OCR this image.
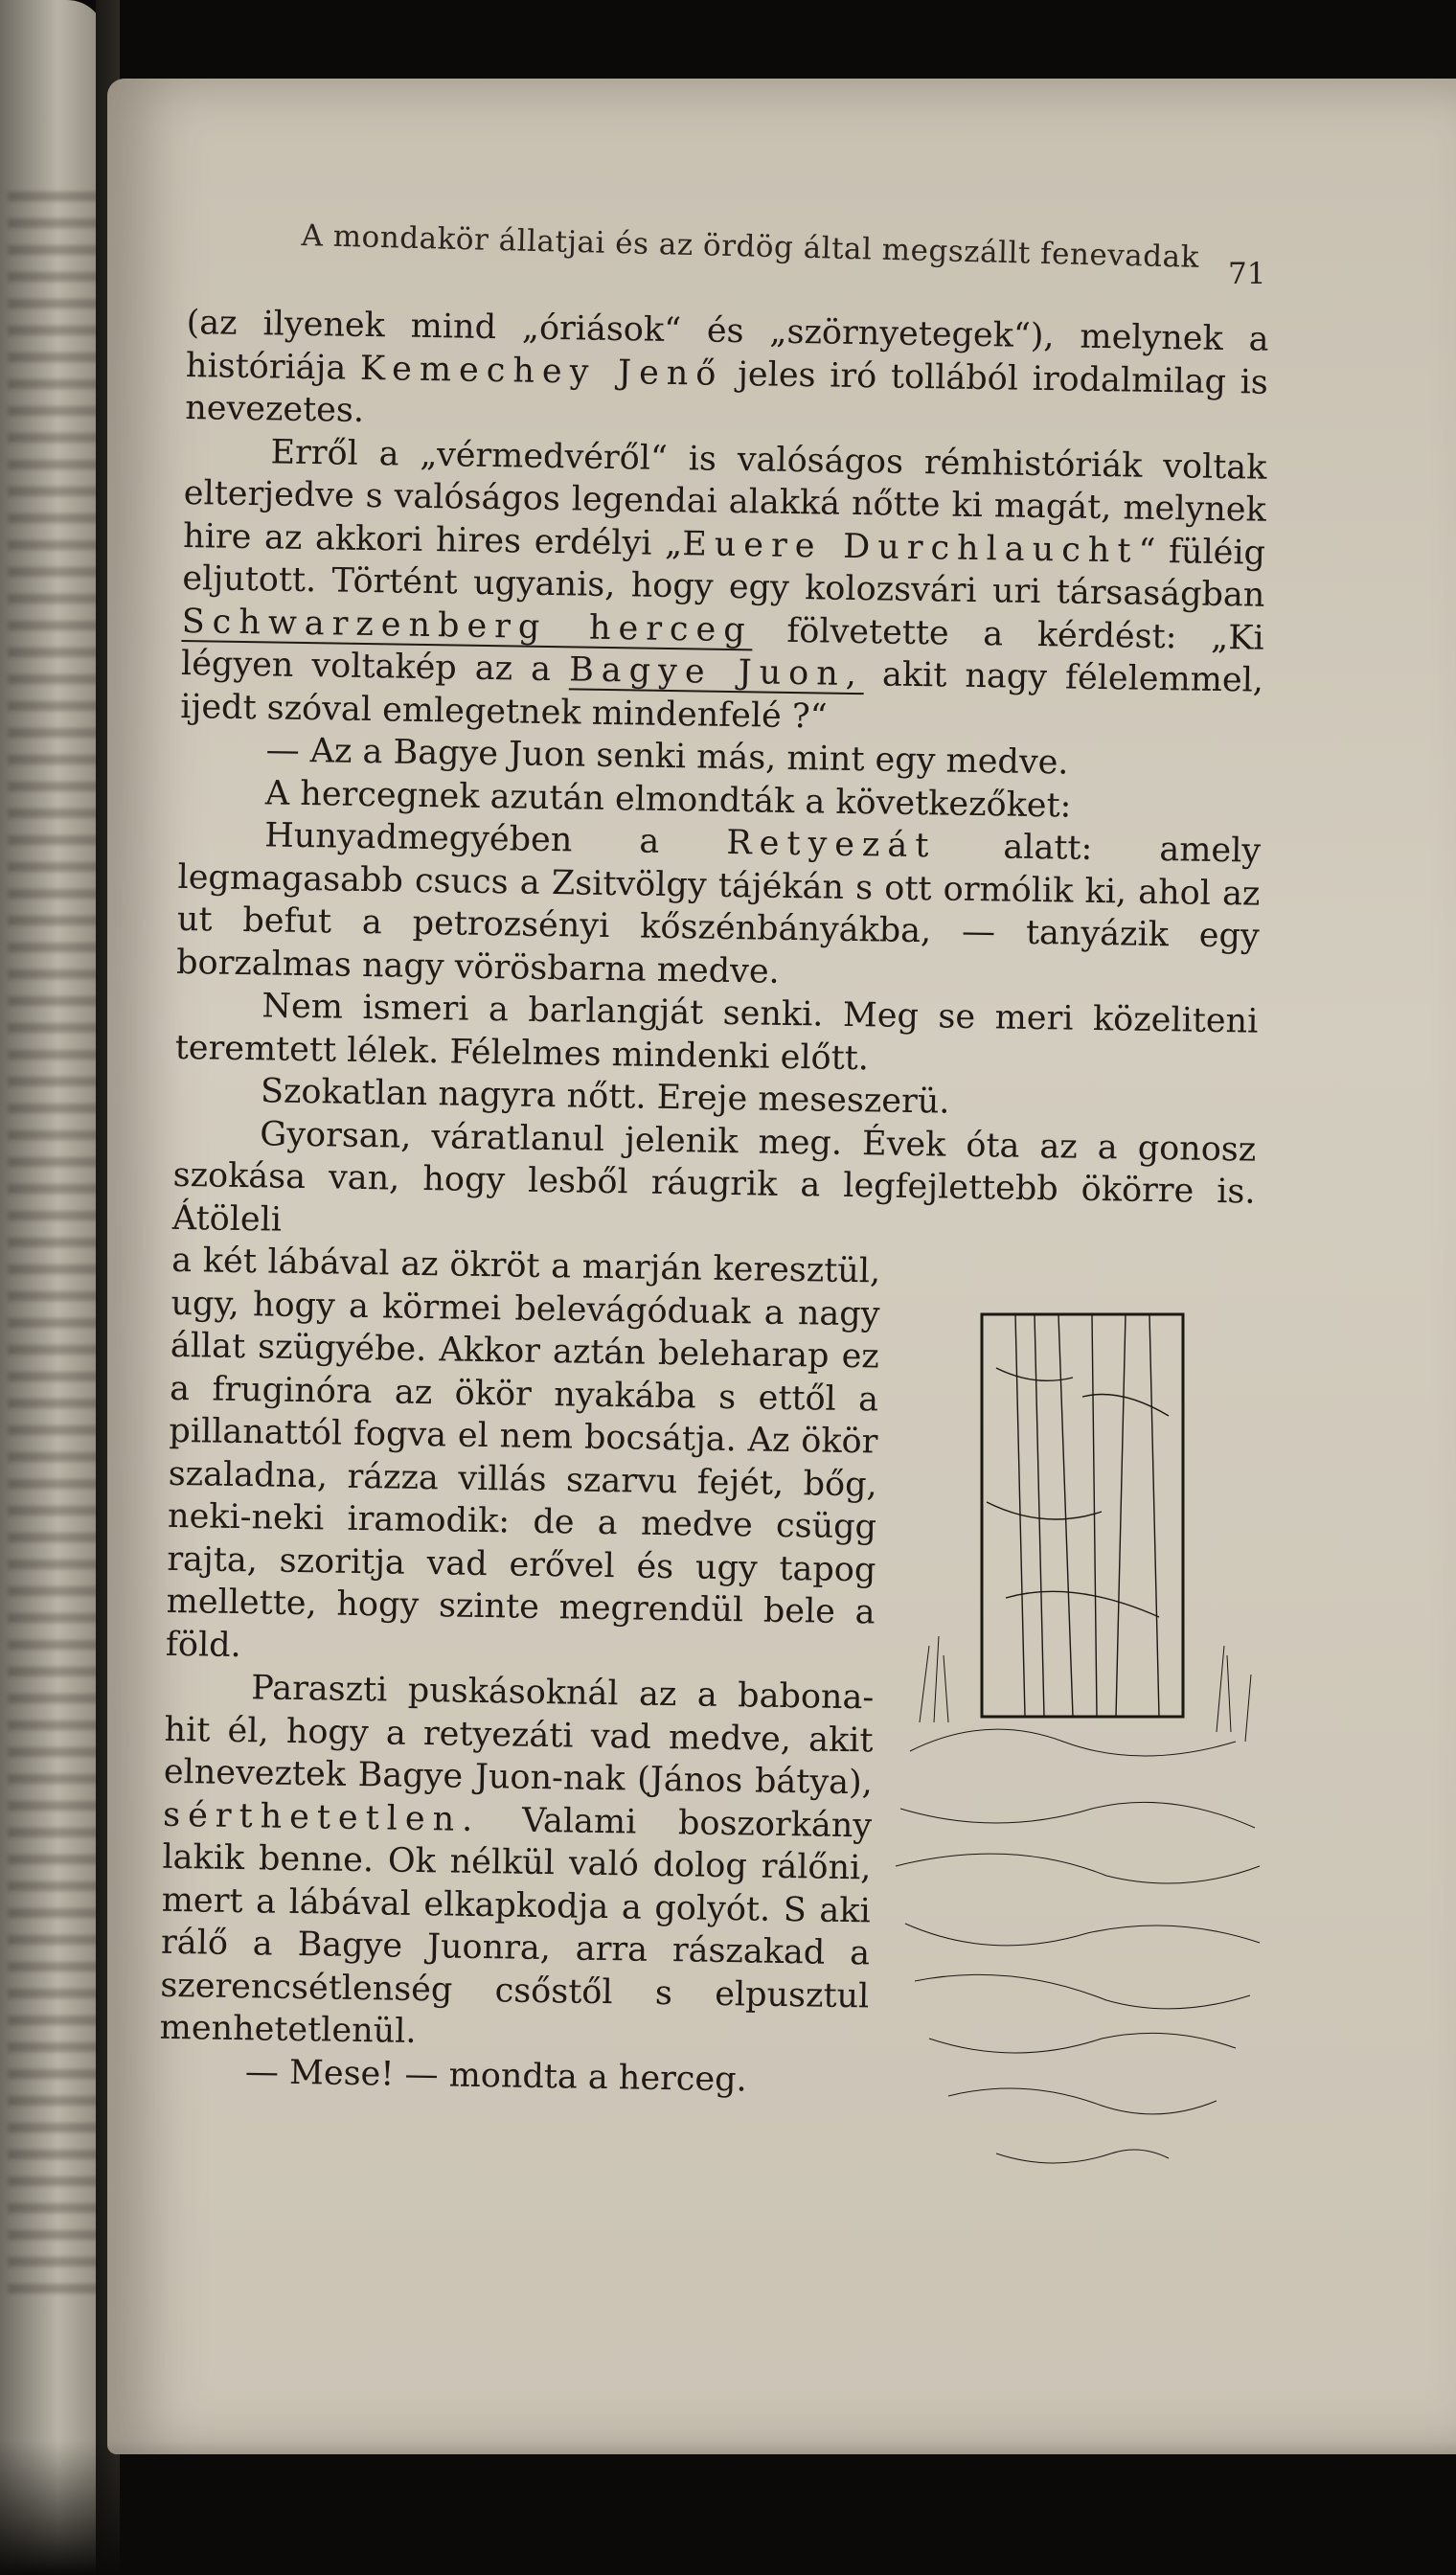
A mondakör állatjai és az ördög által megszállt fenevadak 71

(az ilyenek mind „óriások“ és „szörnyetegek“), melynek a históriája Kemechey Jenő jeles iró tollából irodalmilag is nevezetes.

Erről a „vérmedvéről“ is valóságos rémhistóriák voltak elterjedve s valóságos legendai alakká nőtte ki magát, melynek hire az akkori hires erdélyi „Euere Durchlaucht“ füléig eljutott. Történt ugyanis, hogy egy kolozsvári uri társaságban Schwarzenberg herceg fölvetette a kérdést: „Ki légyen voltakép az a Bagye Juon, akit nagy félelemmel, ijedt szóval emlegetnek mindenfelé ?“

— Az a Bagye Juon senki más, mint egy medve.

A hercegnek azután elmondták a következőket:

Hunyadmegyében a Retyezát alatt: amely legmagasabb csucs a Zsitvölgy tájékán s ott ormólik ki, ahol az ut befut a petrozsényi kőszénbányákba, — tanyázik egy borzalmas nagy vörösbarna medve.

Nem ismeri a barlangját senki. Meg se meri közeliteni teremtett lélek. Félelmes mindenki előtt.

Szokatlan nagyra nőtt. Ereje meseszerü.

Gyorsan, váratlanul jelenik meg. Évek óta az a gonosz szokása van, hogy lesből ráugrik a legfejlettebb ökörre is. Átöleli

a két lábával az ökröt a marján keresztül, ugy, hogy a körmei belevágóduak a nagy állat szügyébe. Akkor aztán beleharap ez a fruginóra az ökör nyakába s ettől a pillanattól fogva el nem bocsátja. Az ökör szaladna, rázza villás szarvu fejét, bőg, neki-neki iramodik: de a medve csügg rajta, szoritja vad erővel és ugy tapog mellette, hogy szinte megrendül bele a föld.

Paraszti puskásoknál az a babona-hit él, hogy a retyezáti vad medve, akit elneveztek Bagye Juon-nak (János bátya), sérthetetlen. Valami boszorkány lakik benne. Ok nélkül való dolog rálőni, mert a lábával elkapkodja a golyót. S aki rálő a Bagye Juonra, arra rászakad a szerencsétlenség csőstől s elpusztul menhetetlenül.

— Mese! — mondta a herceg.
